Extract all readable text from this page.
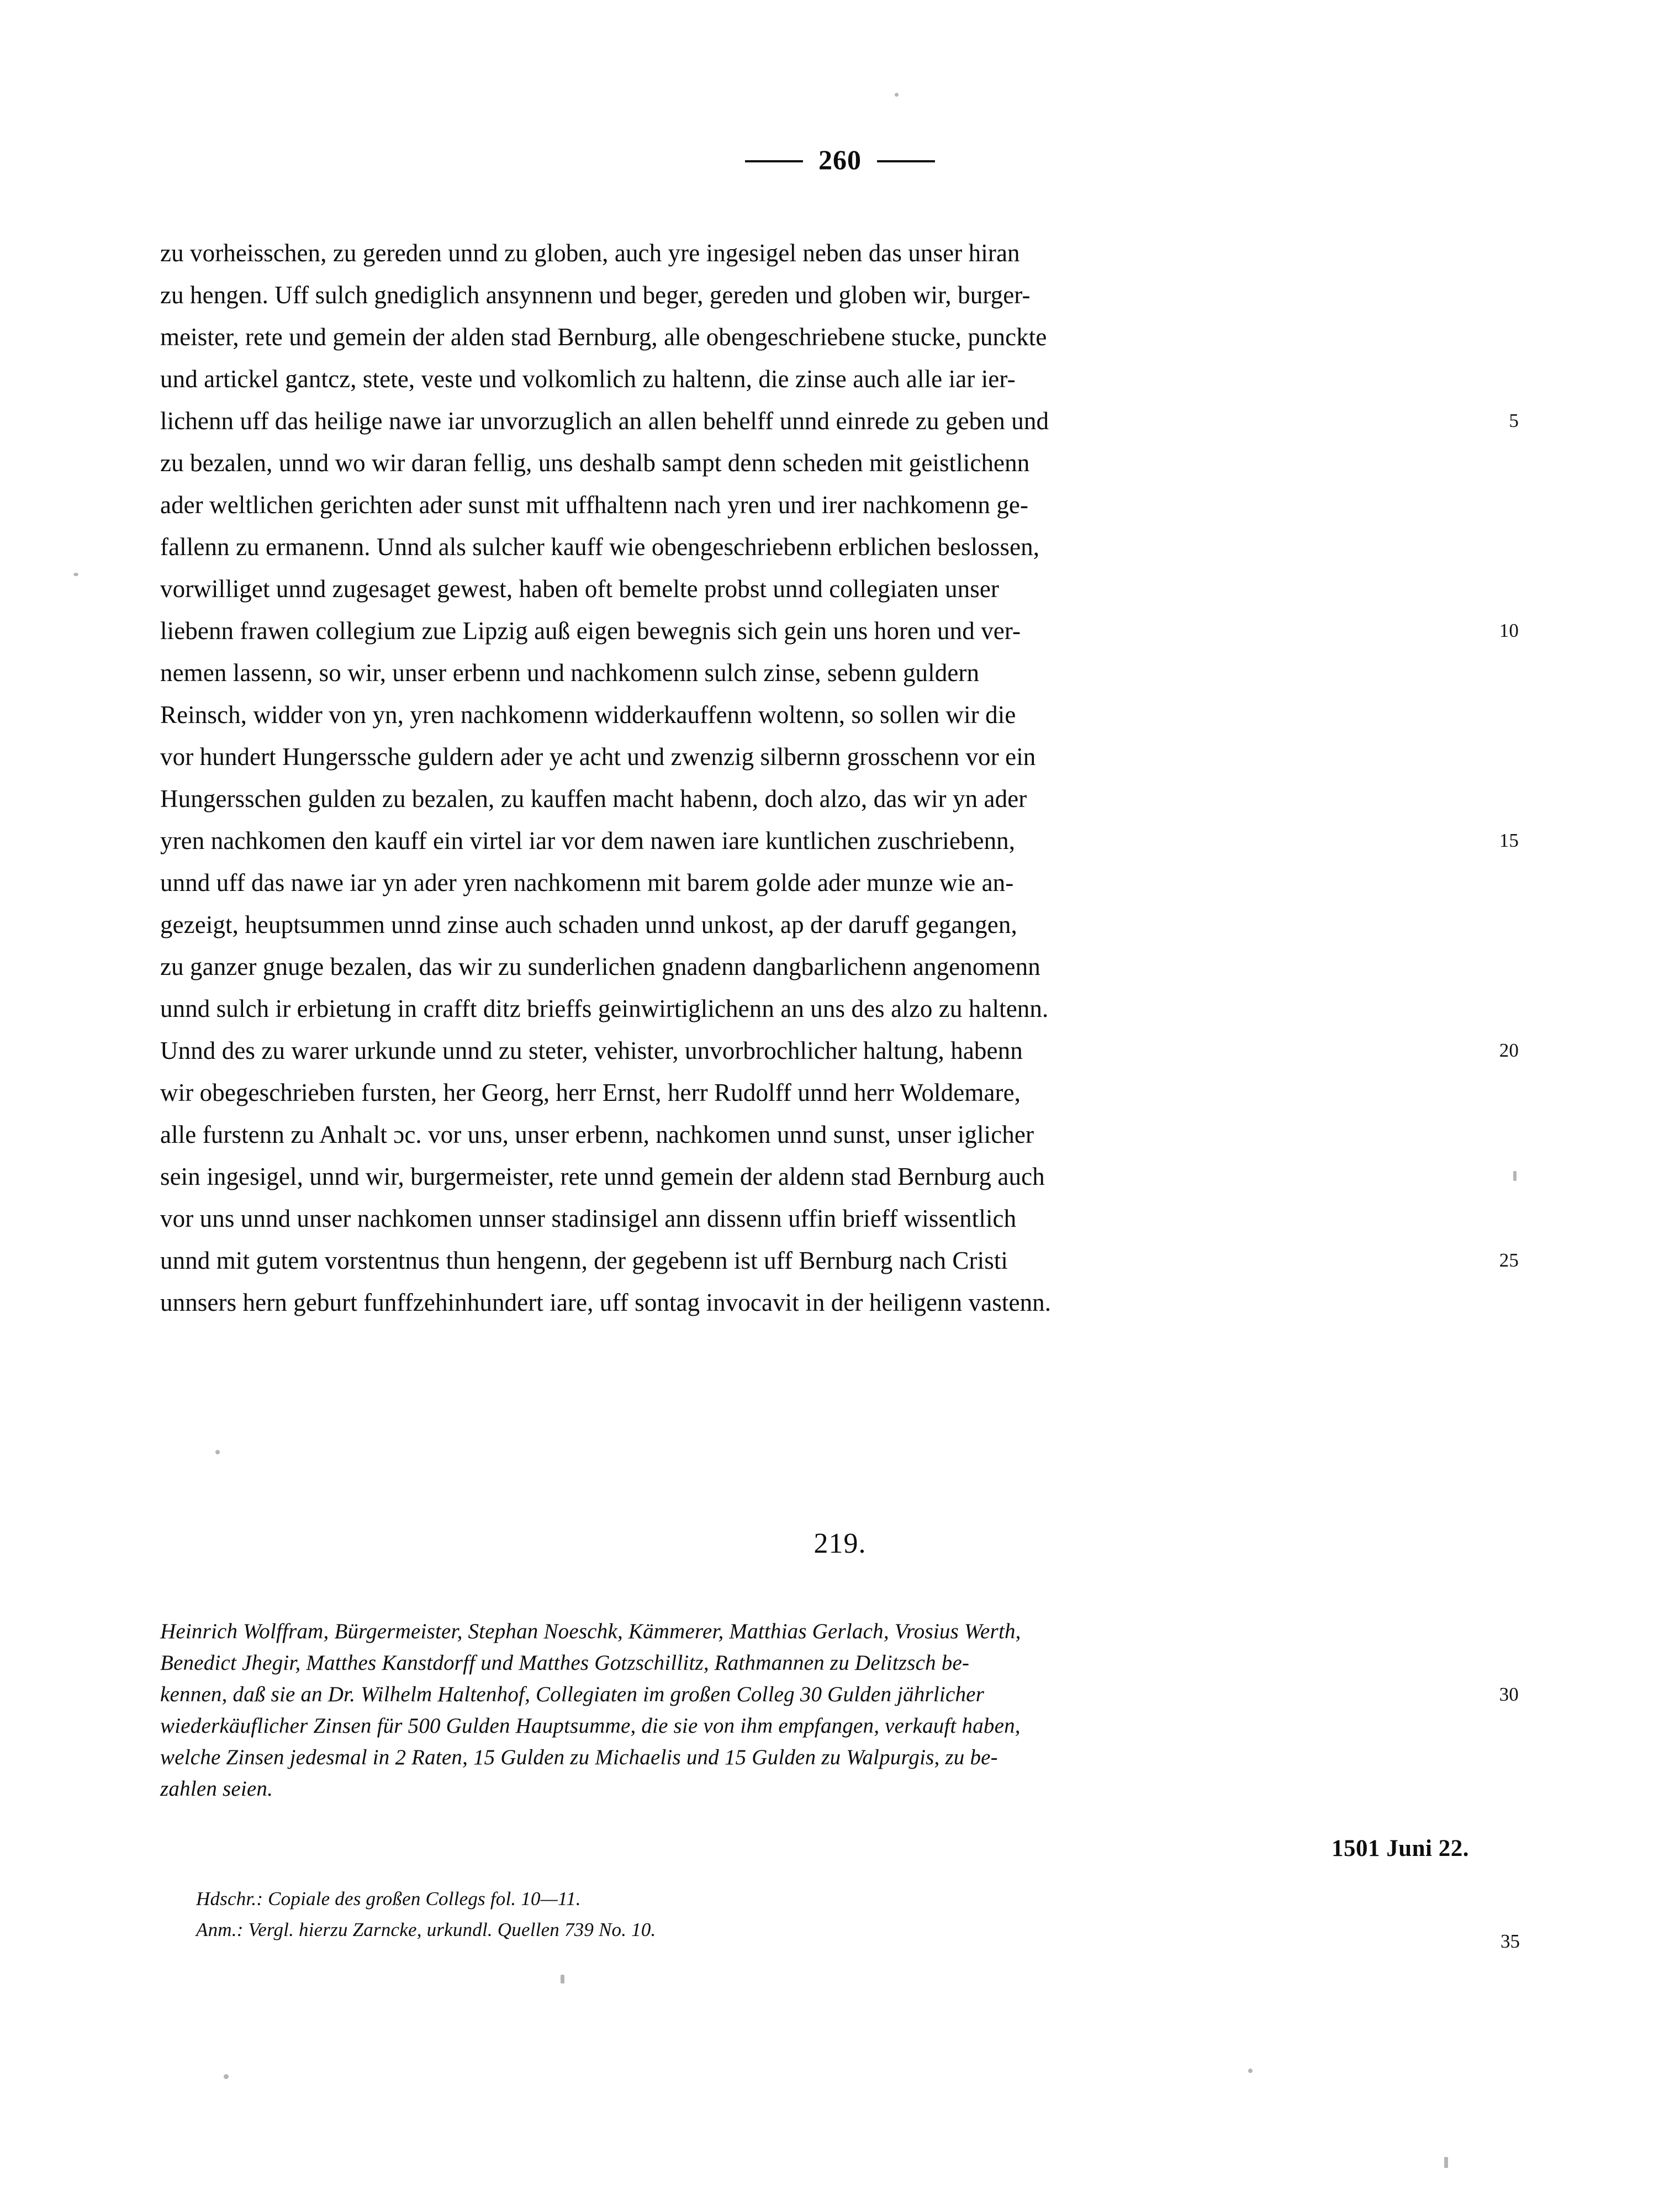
260
zu vorheisschen, zu gereden unnd zu globen, auch yre ingesigel neben das unser hiran
zu hengen. Uff sulch gnediglich ansynnenn und beger, gereden und globen wir, burger-
meister, rete und gemein der alden stad Bernburg, alle obengeschriebene stucke, punckte
und artickel gantcz, stete, veste und volkomlich zu haltenn, die zinse auch alle iar ier-
lichenn uff das heilige nawe iar unvorzuglich an allen behelff unnd einrede zu geben und	5
zu bezalen, unnd wo wir daran fellig, uns deshalb sampt denn scheden mit geistlichenn
ader weltlichen gerichten ader sunst mit uffhaltenn nach yren und irer nachkomenn ge-
fallenn zu ermanenn. Unnd als sulcher kauff wie obengeschriebenn erblichen beslossen,
vorwilliget unnd zugesaget gewest, haben oft bemelte probst unnd collegiaten unser
liebenn frawen collegium zue Lipzig auß eigen bewegnis sich gein uns horen und ver-	10
nemen lassenn, so wir, unser erbenn und nachkomenn sulch zinse, sebenn guldern
Reinsch, widder von yn, yren nachkomenn widderkauffenn woltenn, so sollen wir die
vor hundert Hungerssche guldern ader ye acht und zwenzig silbernn grosschenn vor ein
Hungersschen gulden zu bezalen, zu kauffen macht habenn, doch alzo, das wir yn ader
yren nachkomen den kauff ein virtel iar vor dem nawen iare kuntlichen zuschriebenn,	15
unnd uff das nawe iar yn ader yren nachkomenn mit barem golde ader munze wie an-
gezeigt, heuptsummen unnd zinse auch schaden unnd unkost, ap der daruff gegangen,
zu ganzer gnuge bezalen, das wir zu sunderlichen gnadenn dangbarlichenn angenomenn
unnd sulch ir erbietung in crafft ditz brieffs geinwirtiglichenn an uns des alzo zu haltenn.
Unnd des zu warer urkunde unnd zu steter, vehister, unvorbrochlicher haltung, habenn	20
wir obegeschrieben fursten, her Georg, herr Ernst, herr Rudolff unnd herr Woldemare,
alle furstenn zu Anhalt ɔc. vor uns, unser erbenn, nachkomen unnd sunst, unser iglicher
sein ingesigel, unnd wir, burgermeister, rete unnd gemein der aldenn stad Bernburg auch
vor uns unnd unser nachkomen unnser stadinsigel ann dissenn uffin brieff wissentlich
unnd mit gutem vorstentnus thun hengenn, der gegebenn ist uff Bernburg nach Cristi	25
unnsers hern geburt funffzehinhundert iare, uff sontag invocavit in der heiligenn vastenn.
219.
Heinrich Wolffram, Bürgermeister, Stephan Noeschk, Kämmerer, Matthias Gerlach, Vrosius Werth,
Benedict Jhegir, Matthes Kanstdorff und Matthes Gotzschillitz, Rathmannen zu Delitzsch be-
kennen, daß sie an Dr. Wilhelm Haltenhof, Collegiaten im großen Colleg 30 Gulden jährlicher	30
wiederkäuflicher Zinsen für 500 Gulden Hauptsumme, die sie von ihm empfangen, verkauft haben,
welche Zinsen jedesmal in 2 Raten, 15 Gulden zu Michaelis und 15 Gulden zu Walpurgis, zu be-
zahlen seien.
1501 Juni 22.
Hdschr.: Copiale des großen Collegs fol. 10—11.
Anm.: Vergl. hierzu Zarncke, urkundl. Quellen 739 No. 10.
35
